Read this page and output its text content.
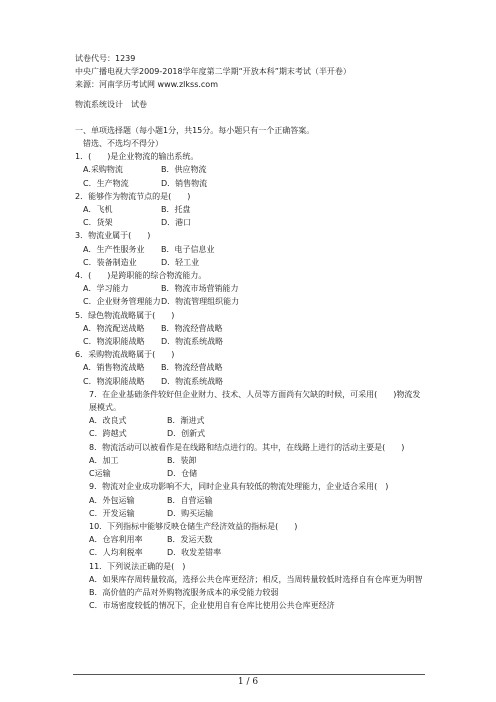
试卷代号：1239
中央广播电视大学2009-2018学年度第二学期“开放本科”期末考试（半开卷）
来源：河南学历考试网 www.zlkss.com
物流系统设计　试卷
一、单项选择题（每小题1分，共15分。每小题只有一个正确答案。
错选、不选均不得分）
1．(　　)是企业物流的输出系统。
A.采购物流	B．供应物流
C．生产物流	D．销售物流
2．能够作为物流节点的是(　　)
A．飞机	B．托盘
C．货架	D．港口
3．物流业属于(　　)
A．生产性服务业 B．电子信息业
C．装备制造业	D．轻工业
4．(　　)是跨职能的综合物流能力。
A．学习能力	B．物流市场营销能力
C．企业财务管理能力D．物流管理组织能力
5．绿色物流战略属于(　　)
A．物流配送战略 B．物流经营战略
C．物流职能战略 D．物流系统战略
6．采购物流战略属于(　　)
A．销售物流战略 B．物流经营战略
C．物流职能战略 D．物流系统战略
7．在企业基础条件较好但企业财力、技术、人员等方面尚有欠缺的时候，可采用(　　)物流发展模式。
A．改良式	B．渐进式
C．跨越式	D．创新式
8．物流活动可以被看作是在线路和结点进行的。其中，在线路上进行的活动主要是(　　)
A．加工	B．装卸
C运输	D．仓储
9．物流对企业成功影响不大，同时企业具有较低的物流处理能力，企业适合采用(　)
A．外包运输	B．自营运输
C．开发运输	D．购买运输
10．下列指标中能够反映仓储生产经济效益的指标是(　　)
A．仓容利用率	B．发运天数
C．人均利税率	D．收发差错率
11．下列说法正确的是(　)
A．如果库存周转量较高，选择公共仓库更经济；相反，当周转量较低时选择自有仓库更为明智
B．高价值的产品对外购物流服务成本的承受能力较弱
C．市场密度较低的情况下，企业使用自有仓库比使用公共仓库更经济
1 / 6
